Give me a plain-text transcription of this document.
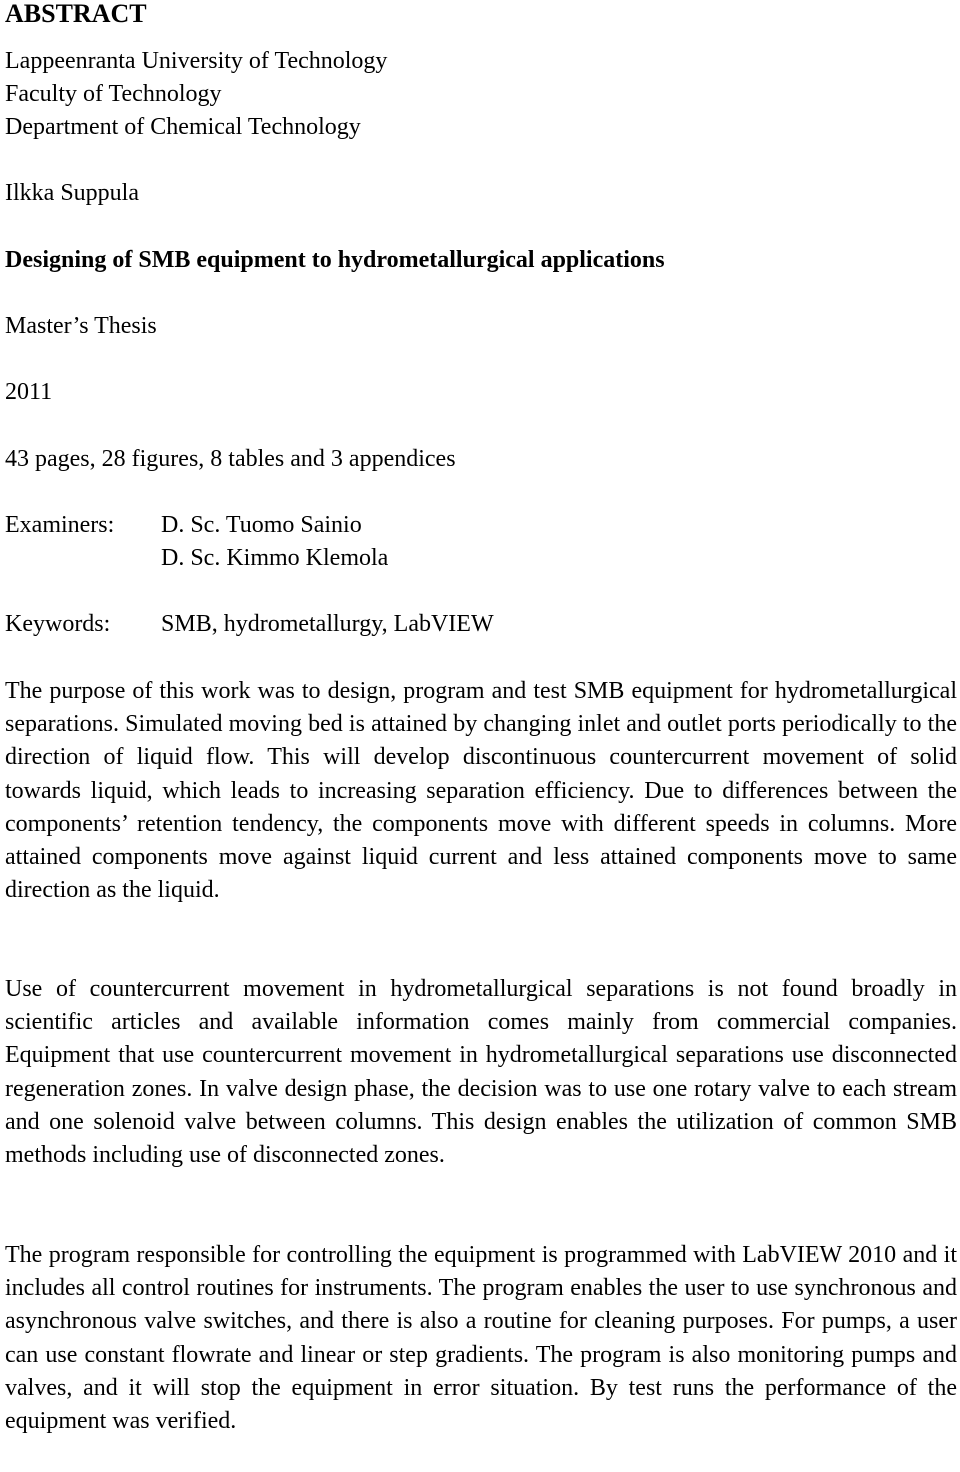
ABSTRACT

Lappeenranta University of Technology

Faculty of Technology

Department of Chemical Technology

Ilkka Suppula

Designing of SMB equipment to hydrometallurgical applications

Master’s Thesis

2011

43 pages, 28 figures, 8 tables and 3 appendices

Examiners:	D. Sc. Tuomo Sainio
D. Sc. Kimmo Klemola
Keywords:	SMB, hydrometallurgy, LabVIEW

The purpose of this work was to design, program and test SMB equipment for hydrometallurgical separations. Simulated moving bed is attained by changing inlet and outlet ports periodically to the direction of liquid flow. This will develop discontinuous countercurrent movement of solid towards liquid, which leads to increasing separation efficiency. Due to differences between the components’ retention tendency, the components move with different speeds in columns. More attained components move against liquid current and less attained components move to same direction as the liquid.

Use of countercurrent movement in hydrometallurgical separations is not found broadly in scientific articles and available information comes mainly from commercial companies. Equipment that use countercurrent movement in hydrometallurgical separations use disconnected regeneration zones. In valve design phase, the decision was to use one rotary valve to each stream and one solenoid valve between columns. This design enables the utilization of common SMB methods including use of disconnected zones.

The program responsible for controlling the equipment is programmed with LabVIEW 2010 and it includes all control routines for instruments. The program enables the user to use synchronous and asynchronous valve switches, and there is also a routine for cleaning purposes. For pumps, a user can use constant flowrate and linear or step gradients. The program is also monitoring pumps and valves, and it will stop the equipment in error situation. By test runs the performance of the equipment was verified.
